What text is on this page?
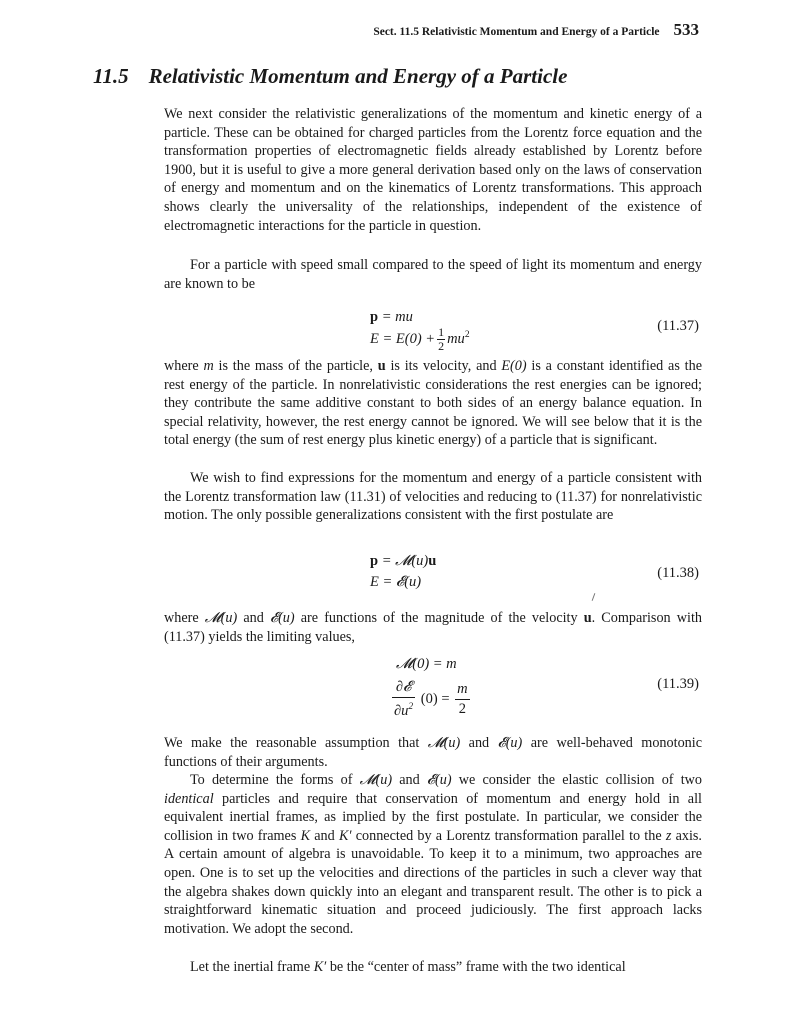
Sect. 11.5 Relativistic Momentum and Energy of a Particle 533
11.5 Relativistic Momentum and Energy of a Particle

We next consider the relativistic generalizations of the momentum and kinetic energy of a particle. These can be obtained for charged particles from the Lorentz force equation and the transformation properties of electromagnetic fields already established by Lorentz before 1900, but it is useful to give a more general derivation based only on the laws of conservation of energy and momentum and on the kinematics of Lorentz transformations. This approach shows clearly the universality of the relationships, independent of the existence of electromagnetic interactions for the particle in question.

For a particle with speed small compared to the speed of light its momentum and energy are known to be

p = mu
$E = E(0) + \frac{1}{2} mu^2$
(11.37)

where m is the mass of the particle, u is its velocity, and E(0) is a constant identified as the rest energy of the particle. In nonrelativistic considerations the rest energies can be ignored; they contribute the same additive constant to both sides of an energy balance equation. In special relativity, however, the rest energy cannot be ignored. We will see below that it is the total energy (the sum of rest energy plus kinetic energy) of a particle that is significant.

We wish to find expressions for the momentum and energy of a particle consistent with the Lorentz transformation law (11.31) of velocities and reducing to (11.37) for nonrelativistic motion. The only possible generalizations consistent with the first postulate are

p = 𝓜(u)u
E = 𝓔(u)
(11.38)

where 𝓜(u) and 𝓔(u) are functions of the magnitude of the velocity u. Comparison with (11.37) yields the limiting values,

𝓜(0) = m
∂𝓔
$\partial u^2$
$(0) = \frac{m}{2}$	(11.39)

We make the reasonable assumption that 𝓜(u) and 𝓔(u) are well-behaved monotonic functions of their arguments.

To determine the forms of 𝓜(u) and 𝓔(u) we consider the elastic collision of two identical particles and require that conservation of momentum and energy hold in all equivalent inertial frames, as implied by the first postulate. In particular, we consider the collision in two frames K and K′ connected by a Lorentz transformation parallel to the z axis. A certain amount of algebra is unavoidable. To keep it to a minimum, two approaches are open. One is to set up the velocities and directions of the particles in such a clever way that the algebra shakes down quickly into an elegant and transparent result. The other is to pick a straightforward kinematic situation and proceed judiciously. The first approach lacks motivation. We adopt the second.

Let the inertial frame K′ be the “center of mass” frame with the two identical
